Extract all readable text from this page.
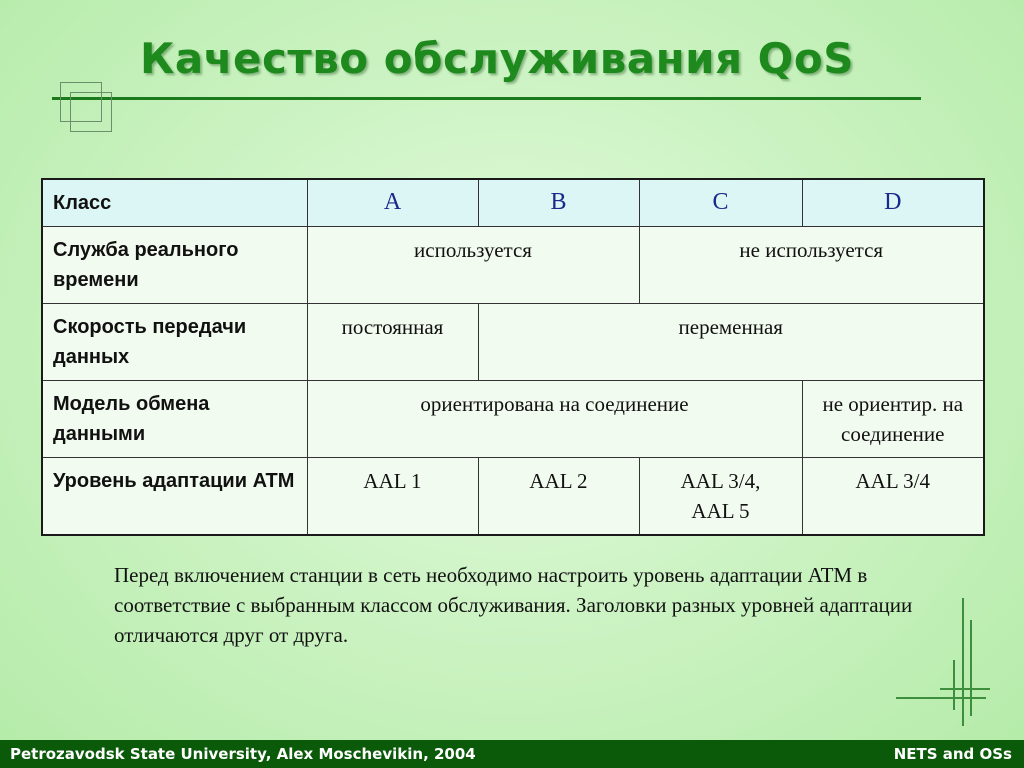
Качество обслуживания QoS
Класс	A	B	C	D
Служба реального времени	используется		не используется	
Скорость передачи данных	постоянная	переменная		
Модель обмена данными	ориентирована на соединение			не ориентир. на соединение
Уровень адаптации ATM	AAL 1	AAL 2	AAL 3/4, AAL 5	AAL 3/4
Перед включением станции в сеть необходимо настроить уровень адаптации ATM в соответствие с выбранным классом обслуживания. Заголовки разных уровней адаптации отличаются друг от друга.
Petrozavodsk State University, Alex Moschevikin, 2004	NETS and OSs
